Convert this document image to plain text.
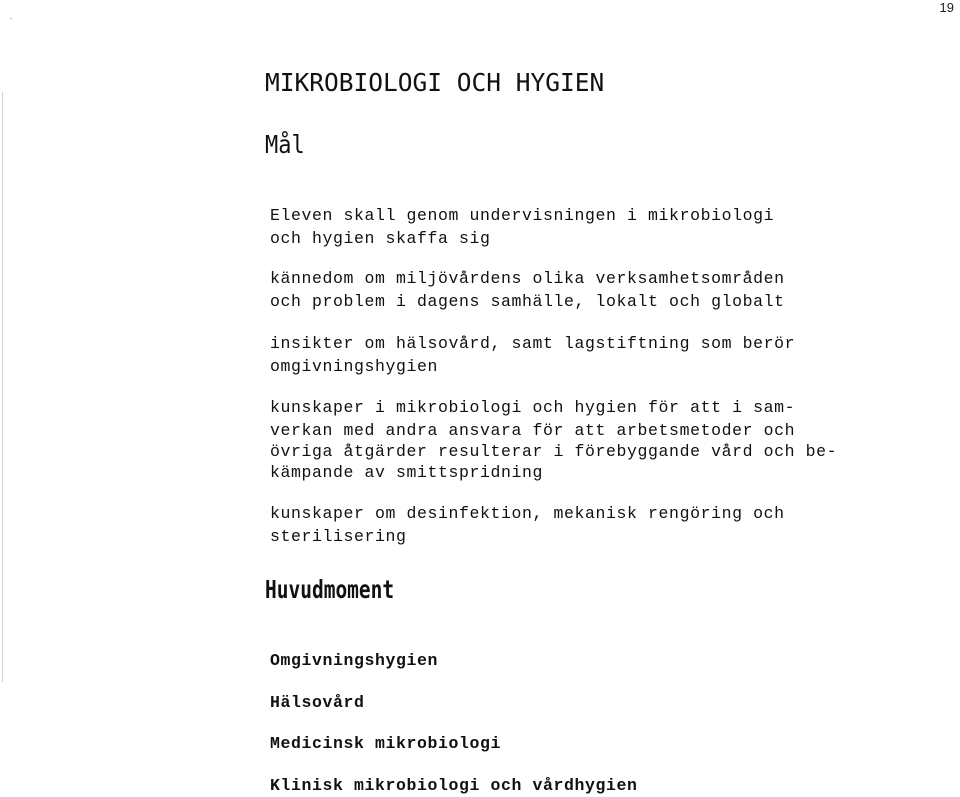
19
MIKROBIOLOGI OCH HYGIEN
Mål

Eleven skall genom undervisningen i mikrobiologi

och hygien skaffa sig

kännedom om miljövårdens olika verksamhetsområden

och problem i dagens samhälle, lokalt och globalt

insikter om hälsovård, samt lagstiftning som berör

omgivningshygien

kunskaper i mikrobiologi och hygien för att i sam-

verkan med andra ansvara för att arbetsmetoder och

övriga åtgärder resulterar i förebyggande vård och be-

kämpande av smittspridning

kunskaper om desinfektion, mekanisk rengöring och

sterilisering

Huvudmoment

Omgivningshygien

Hälsovård

Medicinsk mikrobiologi

Klinisk mikrobiologi och vårdhygien
